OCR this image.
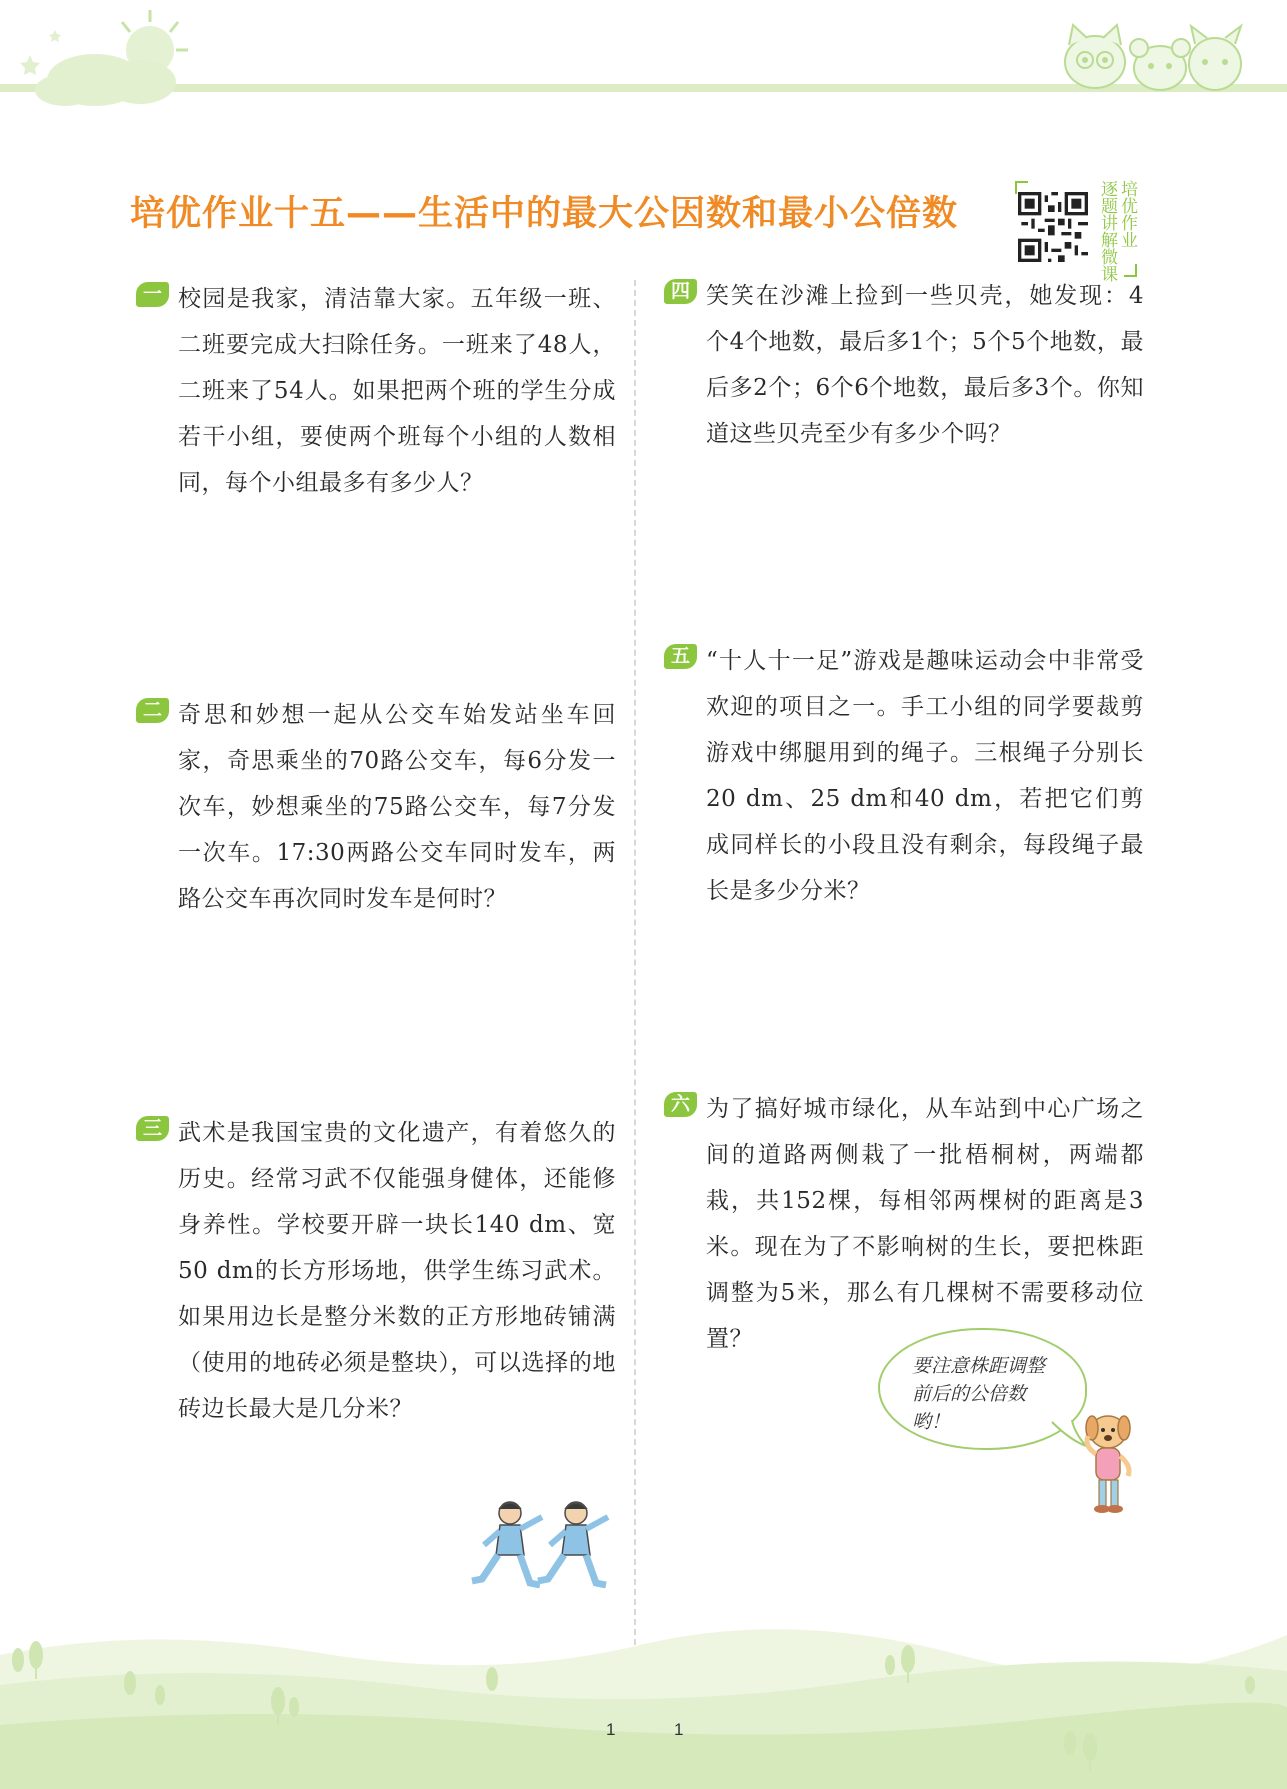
培优作业十五——生活中的最大公因数和最小公倍数	逐题讲解微课 培优作业
一 校园是我家，清洁靠大家。五年级一班、二班要完成大扫除任务。一班来了48人，二班来了54人。如果把两个班的学生分成若干小组，要使两个班每个小组的人数相同，每个小组最多有多少人？

二 奇思和妙想一起从公交车始发站坐车回家，奇思乘坐的70路公交车，每6分发一次车，妙想乘坐的75路公交车，每7分发一次车。17:30两路公交车同时发车，两路公交车再次同时发车是何时？

三 武术是我国宝贵的文化遗产，有着悠久的历史。经常习武不仅能强身健体，还能修身养性。学校要开辟一块长140 dm、宽50 dm的长方形场地，供学生练习武术。如果用边长是整分米数的正方形地砖铺满（使用的地砖必须是整块），可以选择的地砖边长最大是几分米？

四 笑笑在沙滩上捡到一些贝壳，她发现：4个4个地数，最后多1个；5个5个地数，最后多2个；6个6个地数，最后多3个。你知道这些贝壳至少有多少个吗？

五 “十人十一足”游戏是趣味运动会中非常受欢迎的项目之一。手工小组的同学要裁剪游戏中绑腿用到的绳子。三根绳子分别长20 dm、25 dm和40 dm，若把它们剪成同样长的小段且没有剩余，每段绳子最长是多少分米？

六 为了搞好城市绿化，从车站到中心广场之间的道路两侧栽了一批梧桐树，两端都栽，共152棵，每相邻两棵树的距离是3米。现在为了不影响树的生长，要把株距调整为5米，那么有几棵树不需要移动位置？

要注意株距调整前后的公倍数哟！
1	1
